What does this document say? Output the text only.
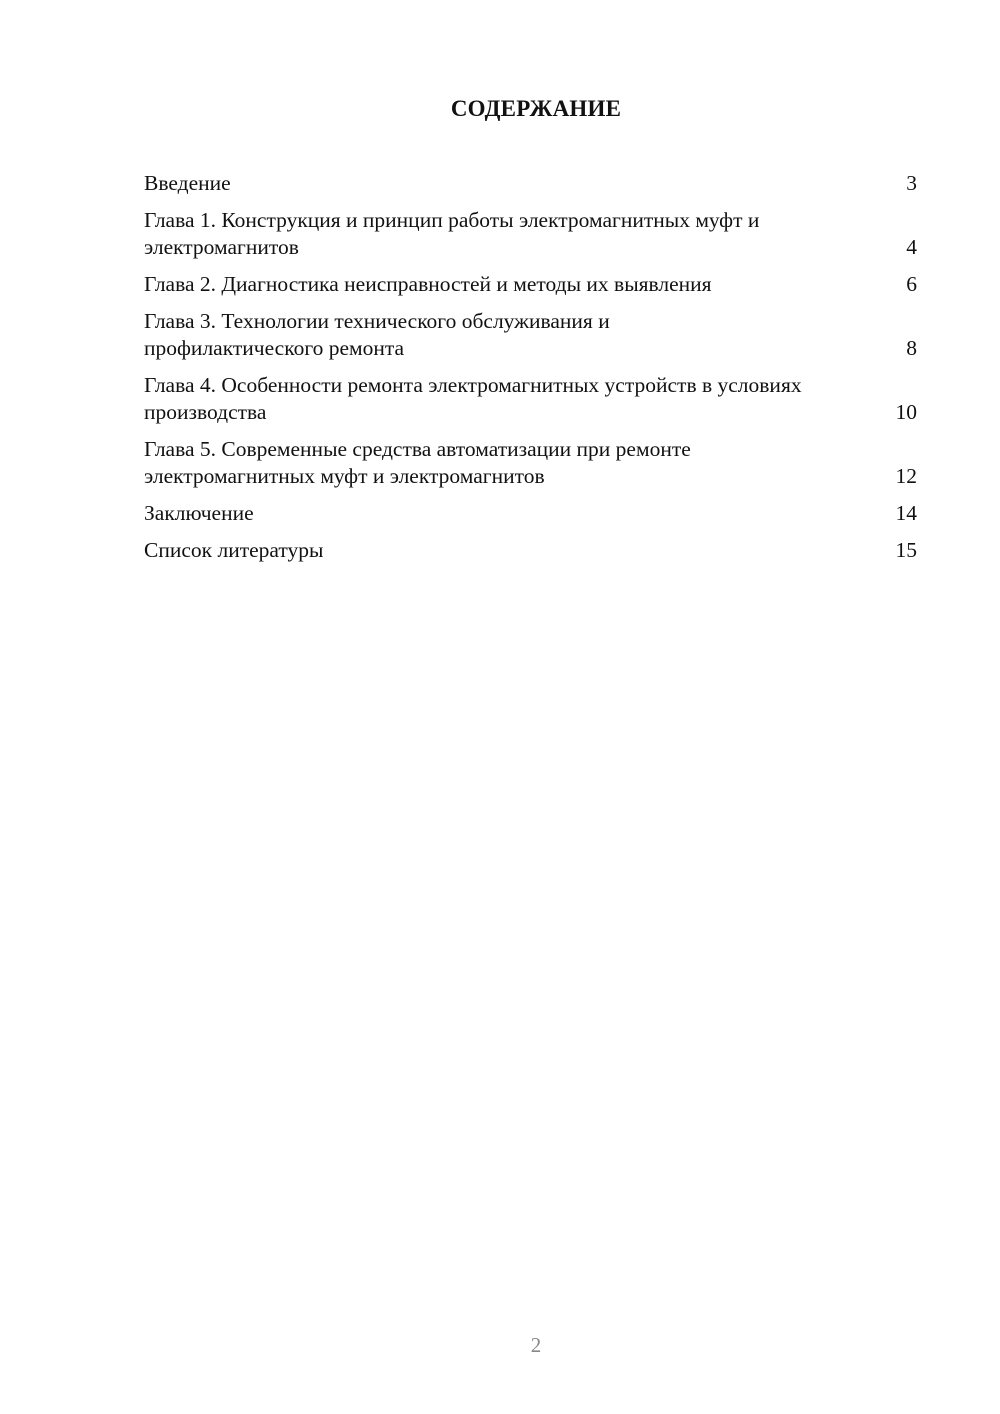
СОДЕРЖАНИЕ
Введение	3
Глава 1. Конструкция и принцип работы электромагнитных муфт и электромагнитов	4
Глава 2. Диагностика неисправностей и методы их выявления	6
Глава 3. Технологии технического обслуживания и профилактического ремонта	8
Глава 4. Особенности ремонта электромагнитных устройств в условиях производства	10
Глава 5. Современные средства автоматизации при ремонте электромагнитных муфт и электромагнитов	12
Заключение	14
Список литературы	15
2
